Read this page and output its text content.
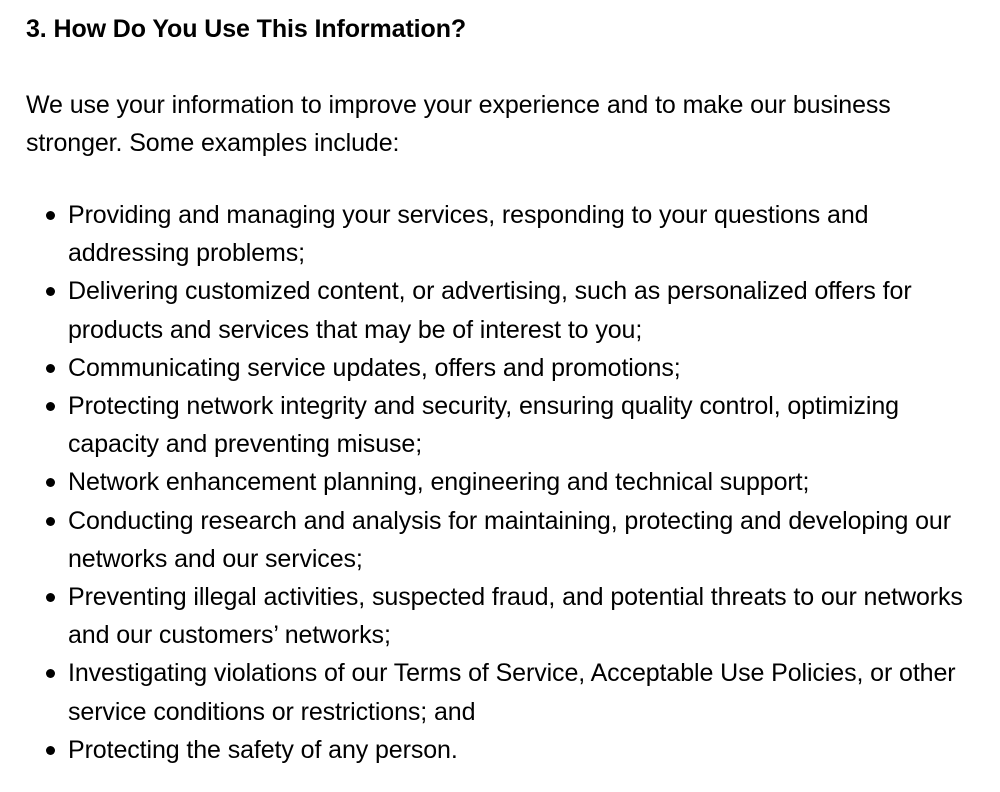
3. How Do You Use This Information?

We use your information to improve your experience and to make our business stronger. Some examples include:

Providing and managing your services, responding to your questions and addressing problems;
Delivering customized content, or advertising, such as personalized offers for products and services that may be of interest to you;
Communicating service updates, offers and promotions;
Protecting network integrity and security, ensuring quality control, optimizing capacity and preventing misuse;
Network enhancement planning, engineering and technical support;
Conducting research and analysis for maintaining, protecting and developing our networks and our services;
Preventing illegal activities, suspected fraud, and potential threats to our networks and our customers’ networks;
Investigating violations of our Terms of Service, Acceptable Use Policies, or other service conditions or restrictions; and
Protecting the safety of any person.
